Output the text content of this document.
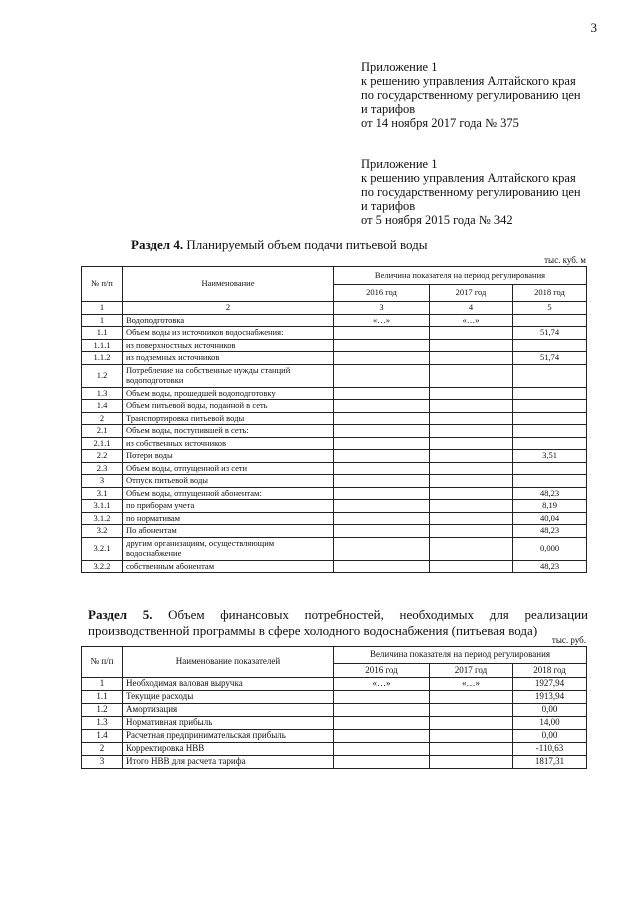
3
Приложение 1
к решению управления Алтайского края
по государственному регулированию цен
и тарифов
от 14 ноября 2017 года № 375
Приложение 1
к решению управления Алтайского края
по государственному регулированию цен
и тарифов
от 5 ноября 2015 года № 342
Раздел 4. Планируемый объем подачи питьевой воды
тыс. куб. м
№ п/п	Наименование	Величина показателя на период регулирования		
		2016 год	2017 год	2018 год
1	2	3	4	5
1	Водоподготовка	«…»	«…»	
1.1	Объем воды из источников водоснабжения:			51,74
1.1.1	из поверхностных источников			
1.1.2	из подземных источников			51,74
1.2	Потребление на собственные нужды станций водоподготовки			
1.3	Объем воды, прошедшей водоподготовку			
1.4	Объем питьевой воды, поданной в сеть			
2	Транспортировка питьевой воды			
2.1	Объем воды, поступившей в сеть:			
2.1.1	из собственных источников			
2.2	Потери воды			3,51
2.3	Объем воды, отпущенной из сети			
3	Отпуск питьевой воды			
3.1	Объем воды, отпущенной абонентам:			48,23
3.1.1	по приборам учета			8,19
3.1.2	по нормативам			40,04
3.2	По абонентам			48,23
3.2.1	другим организациям, осуществляющим водоснабжение			0,000
3.2.2	собственным абонентам			48,23
Раздел 5. Объем финансовых потребностей, необходимых для реализации производственной программы в сфере холодного водоснабжения (питьевая вода)
тыс. руб.
№ п/п	Наименование показателей	Величина показателя на период регулирования		
		2016 год	2017 год	2018 год
1	Необходимая валовая выручка	«…»	«…»	1927,94
1.1	Текущие расходы			1913,94
1.2	Амортизация			0,00
1.3	Нормативная прибыль			14,00
1.4	Расчетная предпринимательская прибыль			0,00
2	Корректировка НВВ			-110,63
3	Итого НВВ для расчета тарифа			1817,31
